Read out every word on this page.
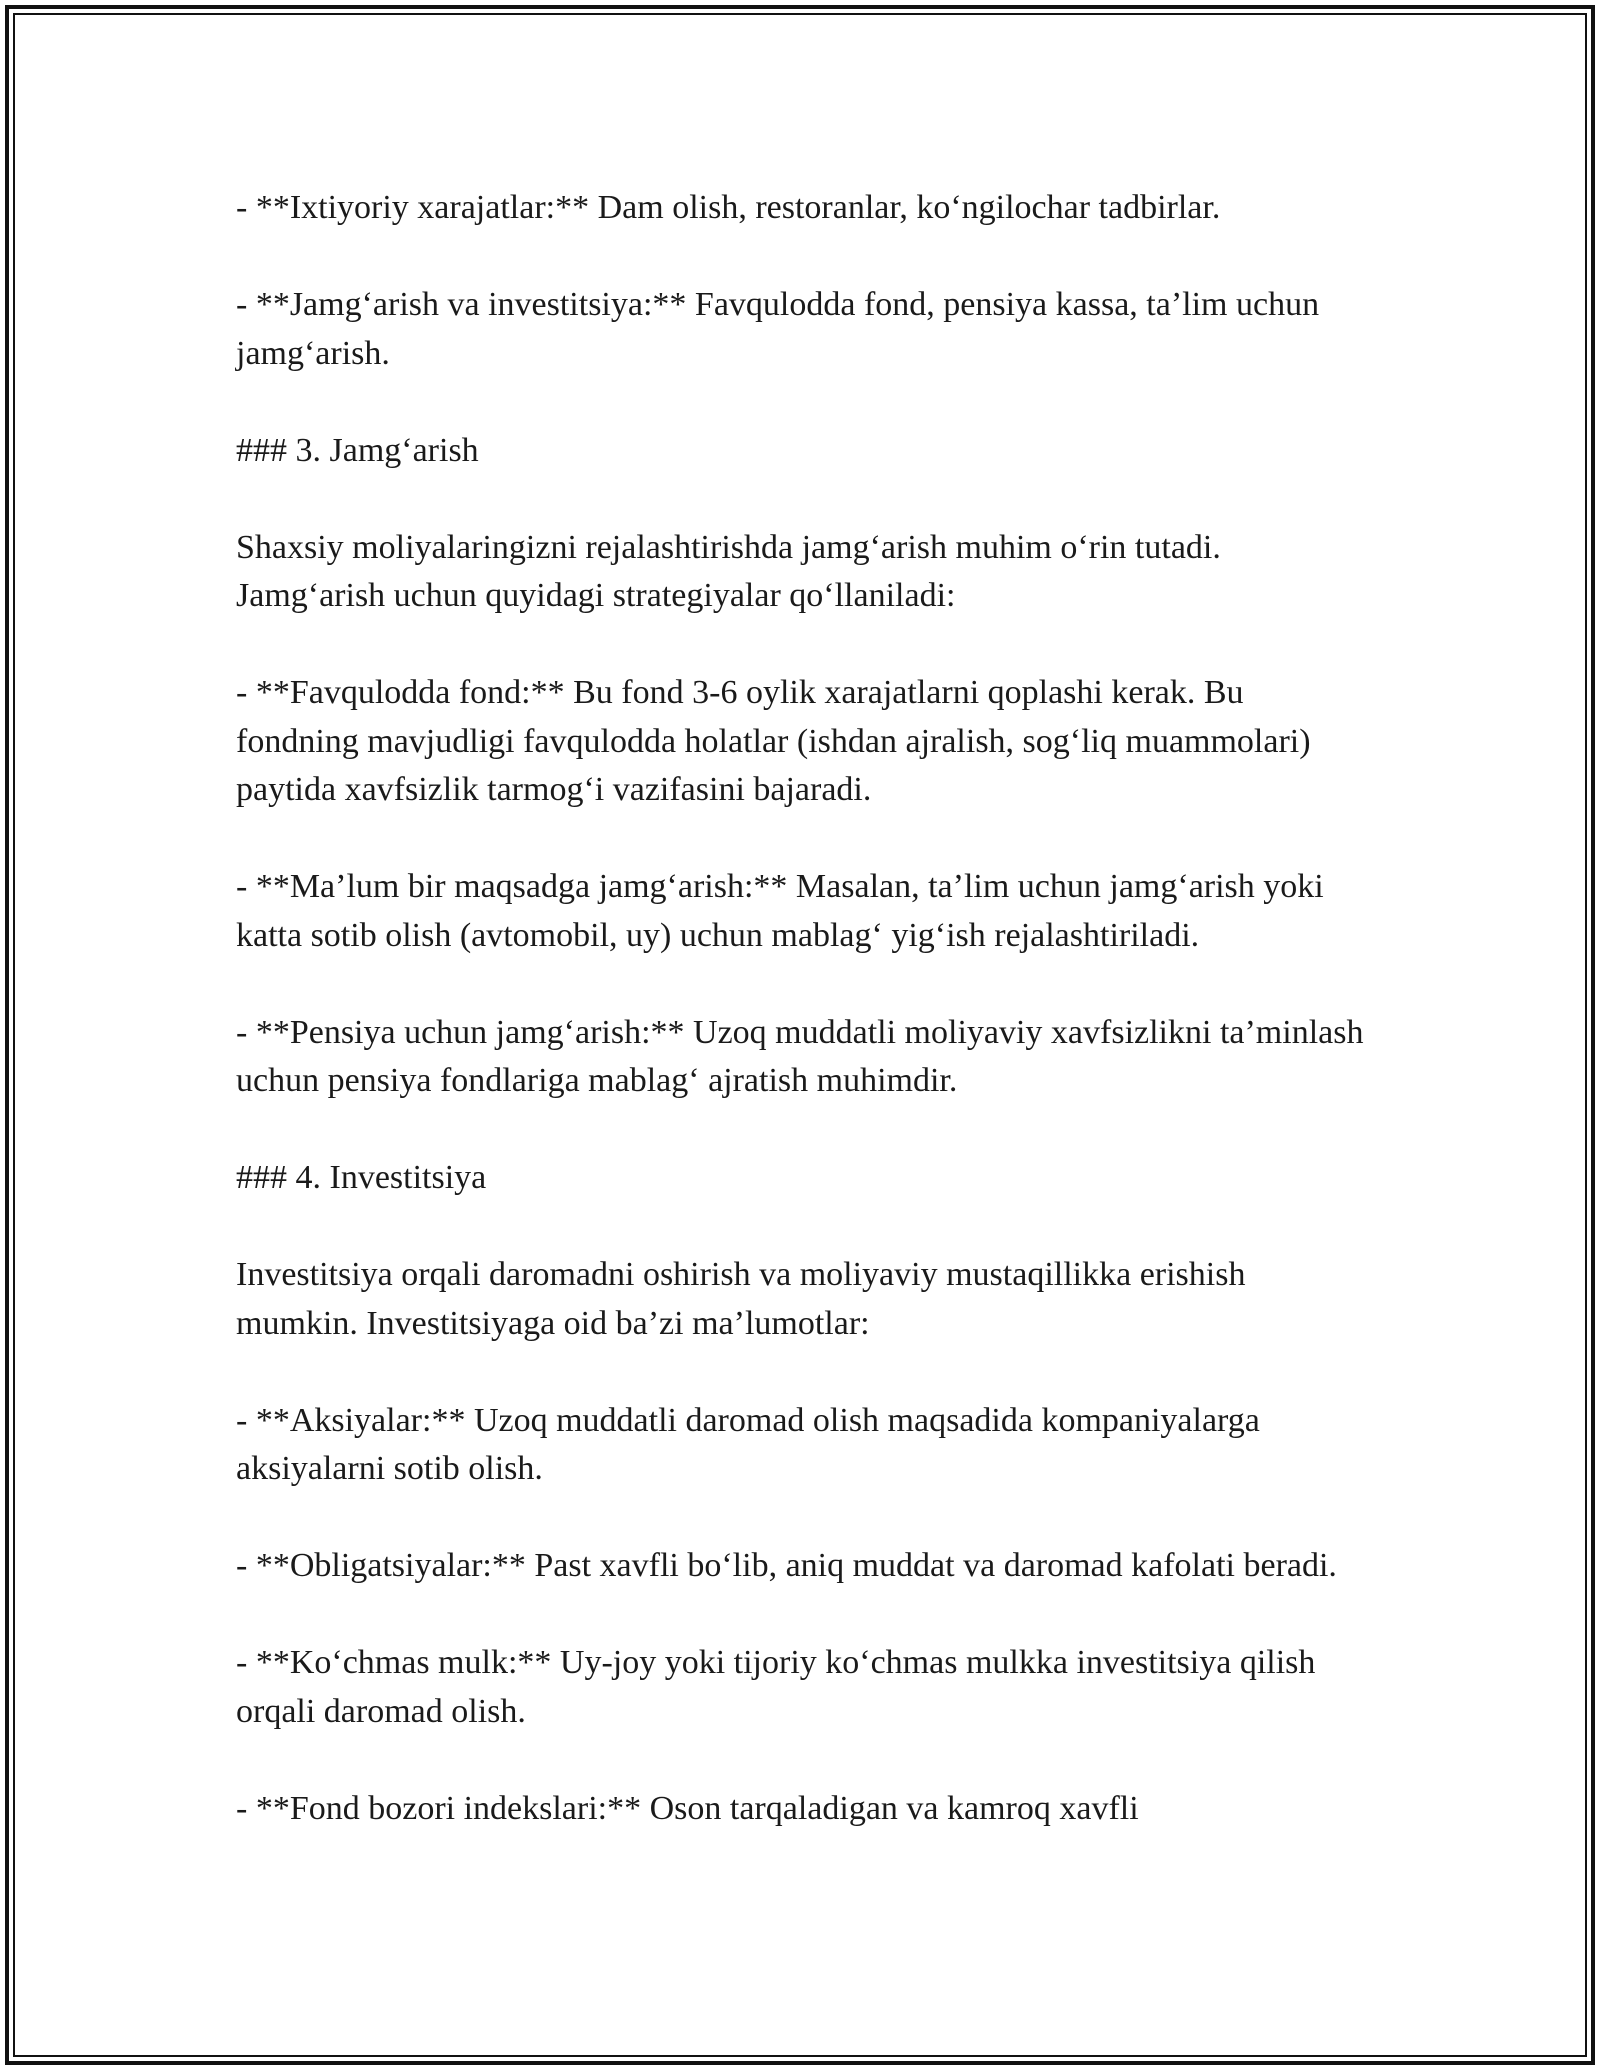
- **Ixtiyoriy xarajatlar:** Dam olish, restoranlar, ko‘ngilochar tadbirlar.

- **Jamg‘arish va investitsiya:** Favqulodda fond, pensiya kassa, ta’lim uchun jamg‘arish.

### 3. Jamg‘arish

Shaxsiy moliyalaringizni rejalashtirishda jamg‘arish muhim o‘rin tutadi. Jamg‘arish uchun quyidagi strategiyalar qo‘llaniladi:

- **Favqulodda fond:** Bu fond 3-6 oylik xarajatlarni qoplashi kerak. Bu fondning mavjudligi favqulodda holatlar (ishdan ajralish, sog‘liq muammolari) paytida xavfsizlik tarmog‘i vazifasini bajaradi.

- **Ma’lum bir maqsadga jamg‘arish:** Masalan, ta’lim uchun jamg‘arish yoki katta sotib olish (avtomobil, uy) uchun mablag‘ yig‘ish rejalashtiriladi.

- **Pensiya uchun jamg‘arish:** Uzoq muddatli moliyaviy xavfsizlikni ta’minlash uchun pensiya fondlariga mablag‘ ajratish muhimdir.

### 4. Investitsiya

Investitsiya orqali daromadni oshirish va moliyaviy mustaqillikka erishish mumkin. Investitsiyaga oid ba’zi ma’lumotlar:

- **Aksiyalar:** Uzoq muddatli daromad olish maqsadida kompaniyalarga aksiyalarni sotib olish.

- **Obligatsiyalar:** Past xavfli bo‘lib, aniq muddat va daromad kafolati beradi.

- **Ko‘chmas mulk:** Uy-joy yoki tijoriy ko‘chmas mulkka investitsiya qilish orqali daromad olish.

- **Fond bozori indekslari:** Oson tarqaladigan va kamroq xavfli
